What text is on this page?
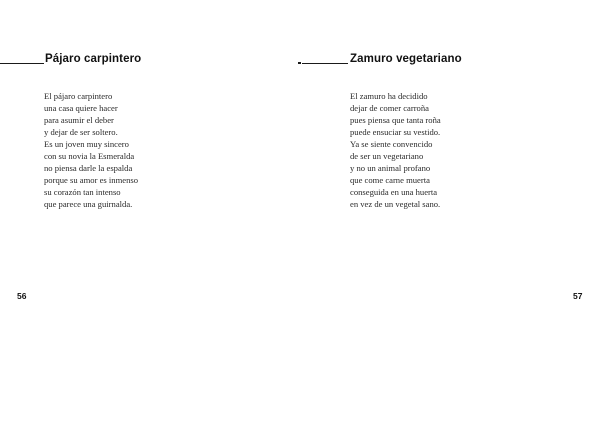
Pájaro carpintero
El pájaro carpintero
una casa quiere hacer
para asumir el deber
y dejar de ser soltero.
Es un joven muy sincero
con su novia la Esmeralda
no piensa darle la espalda
porque su amor es inmenso
su corazón tan intenso
que parece una guirnalda.
56
Zamuro vegetariano
El zamuro ha decidido
dejar de comer carroña
pues piensa que tanta roña
puede ensuciar su vestido.
Ya se siente convencido
de ser un vegetariano
y no un animal profano
que come carne muerta
conseguida en una huerta
en vez de un vegetal sano.
57
